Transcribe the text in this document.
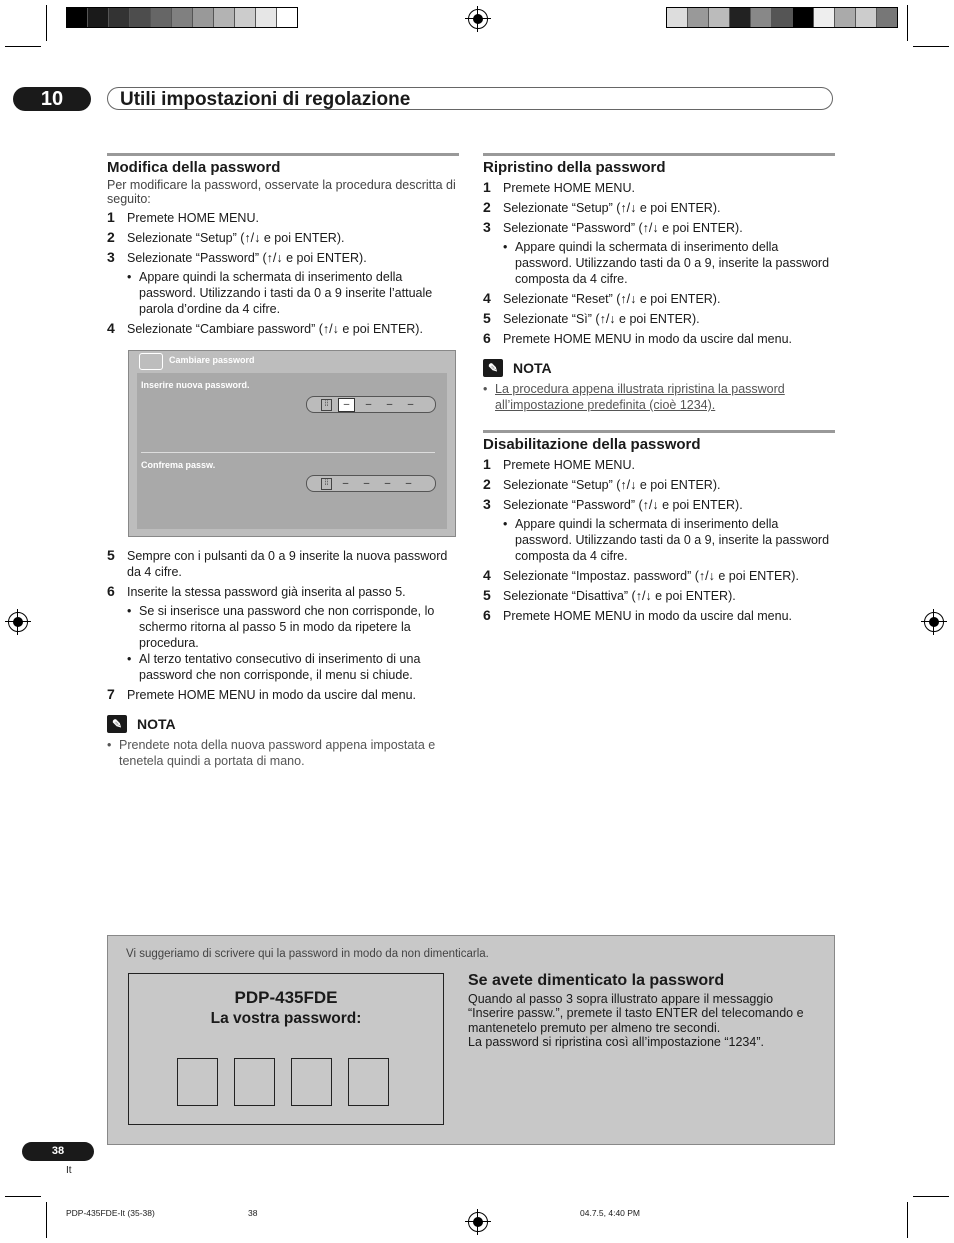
10	Utili impostazioni di regolazione
Modifica della password

Per modificare la password, osservate la procedura descritta di seguito:

1 Premete HOME MENU.
2 Selezionate “Setup” (↑/↓ e poi ENTER).
3 Selezionate “Password” (↑/↓ e poi ENTER).
• Appare quindi la schermata di inserimento della password. Utilizzando i tasti da 0 a 9 inserite l’attuale parola d’ordine da 4 cifre.
4 Selezionate “Cambiare password” (↑/↓ e poi ENTER).
Cambiare password
Inserire nuova password.
⁞⁞	–	–	–	–
Confrema passw.
⁞⁞	–	–	–	–
5 Sempre con i pulsanti da 0 a 9 inserite la nuova password da 4 cifre.
6 Inserite la stessa password già inserita al passo 5.
• Se si inserisce una password che non corrisponde, lo schermo ritorna al passo 5 in modo da ripetere la procedura.
• Al terzo tentativo consecutivo di inserimento di una password che non corrisponde, il menu si chiude.
7 Premete HOME MENU in modo da uscire dal menu.
✎	NOTA
• Prendete nota della nuova password appena impostata e tenetela quindi a portata di mano.
Ripristino della password
1 Premete HOME MENU.
2 Selezionate “Setup” (↑/↓ e poi ENTER).
3 Selezionate “Password” (↑/↓ e poi ENTER).
• Appare quindi la schermata di inserimento della password. Utilizzando tasti da 0 a 9, inserite la password composta da 4 cifre.
4 Selezionate “Reset” (↑/↓ e poi ENTER).
5 Selezionate “Sì” (↑/↓ e poi ENTER).
6 Premete HOME MENU in modo da uscire dal menu.
✎	NOTA
• La procedura appena illustrata ripristina la password all’impostazione predefinita (cioè 1234).
Disabilitazione della password
1 Premete HOME MENU.
2 Selezionate “Setup” (↑/↓ e poi ENTER).
3 Selezionate “Password” (↑/↓ e poi ENTER).
• Appare quindi la schermata di inserimento della password. Utilizzando tasti da 0 a 9, inserite la password composta da 4 cifre.
4 Selezionate “Impostaz. password” (↑/↓ e poi ENTER).
5 Selezionate “Disattiva” (↑/↓ e poi ENTER).
6 Premete HOME MENU in modo da uscire dal menu.
Vi suggeriamo di scrivere qui la password in modo da non dimenticarla.
PDP-435FDE
La vostra password:
Se avete dimenticato la password
Quando al passo 3 sopra illustrato appare il messaggio “Inserire passw.”, premete il tasto ENTER del telecomando e mantenetelo premuto per almeno tre secondi.
La password si ripristina così all’impostazione “1234”.
38
It
PDP-435FDE-It (35-38)	38	04.7.5, 4:40 PM
